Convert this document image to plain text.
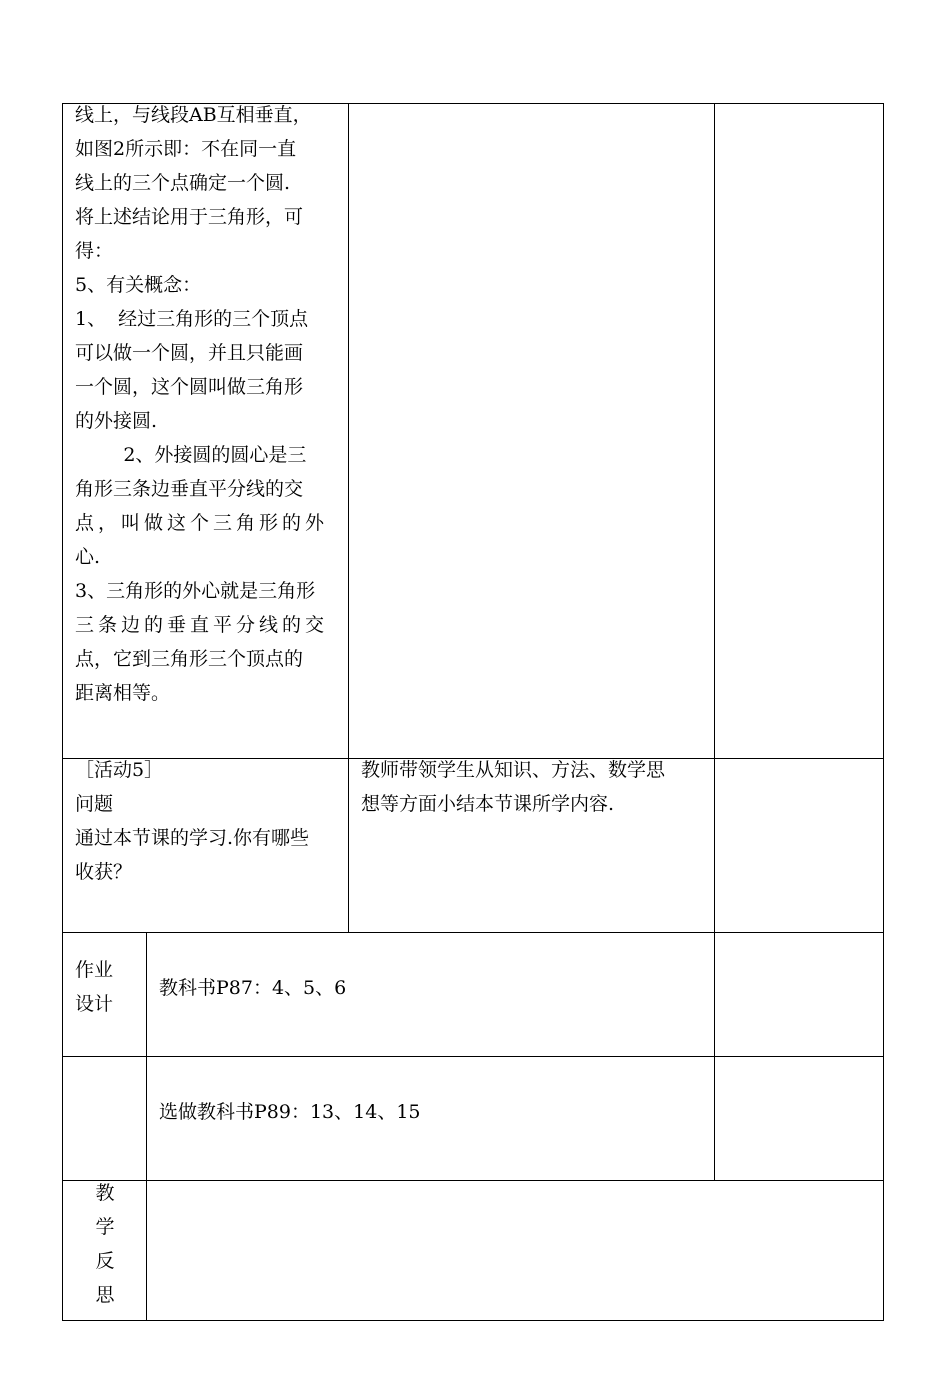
线上，与线段AB互相垂直，
如图2所示即：不在同一直
线上的三个点确定一个圆.
将上述结论用于三角形，可
得：
5、有关概念：
1、  经过三角形的三个顶点
可以做一个圆，并且只能画
一个圆，这个圆叫做三角形
的外接圆.
2、外接圆的圆心是三
角形三条边垂直平分线的交
点，叫做这个三角形的外
心.
3、三角形的外心就是三角形
三条边的垂直平分线的交
点，它到三角形三个顶点的
距离相等。
［活动5］
问题
通过本节课的学习.你有哪些
收获？
教师带领学生从知识、方法、数学思
想等方面小结本节课所学内容.
作业
设计
教科书P87：4、5、6
选做教科书P89：13、14、15
教
学
反
思
